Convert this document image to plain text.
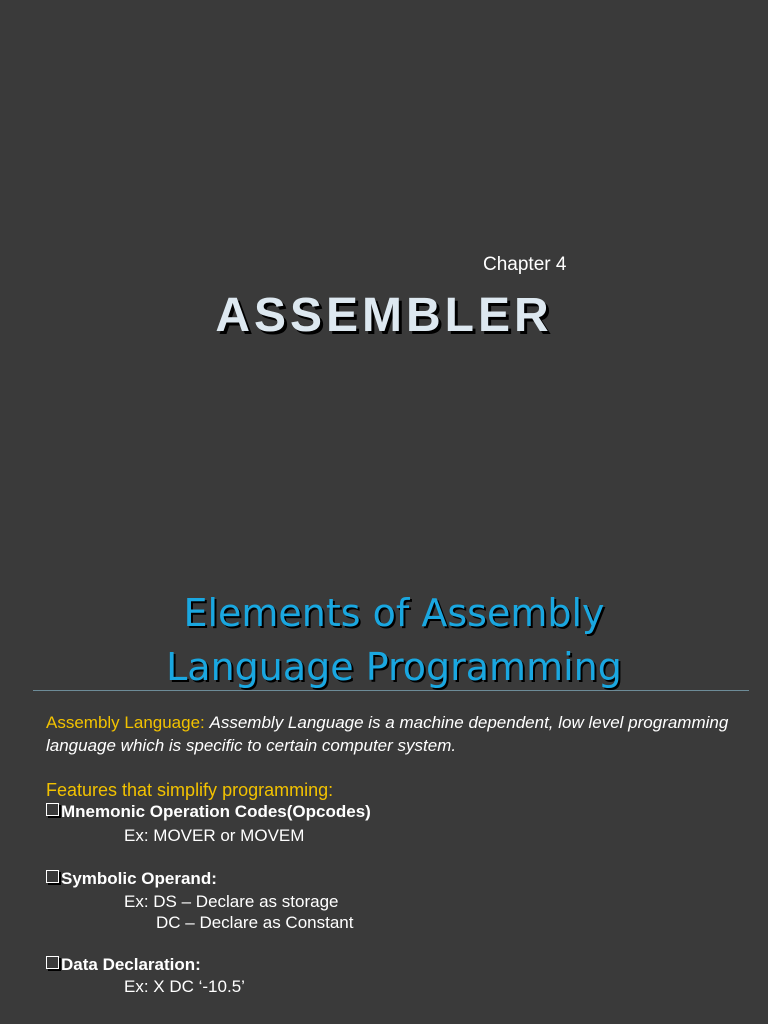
Chapter 4
ASSEMBLER
Elements of Assembly
Language Programming
Assembly Language: Assembly Language is a machine dependent, low level programming language which is specific to certain computer system.
Features that simplify programming:
Mnemonic Operation Codes(Opcodes)
Ex: MOVER or MOVEM
Symbolic Operand:
Ex: DS – Declare as storage
DC – Declare as Constant
Data Declaration:
Ex: X DC ‘-10.5’
